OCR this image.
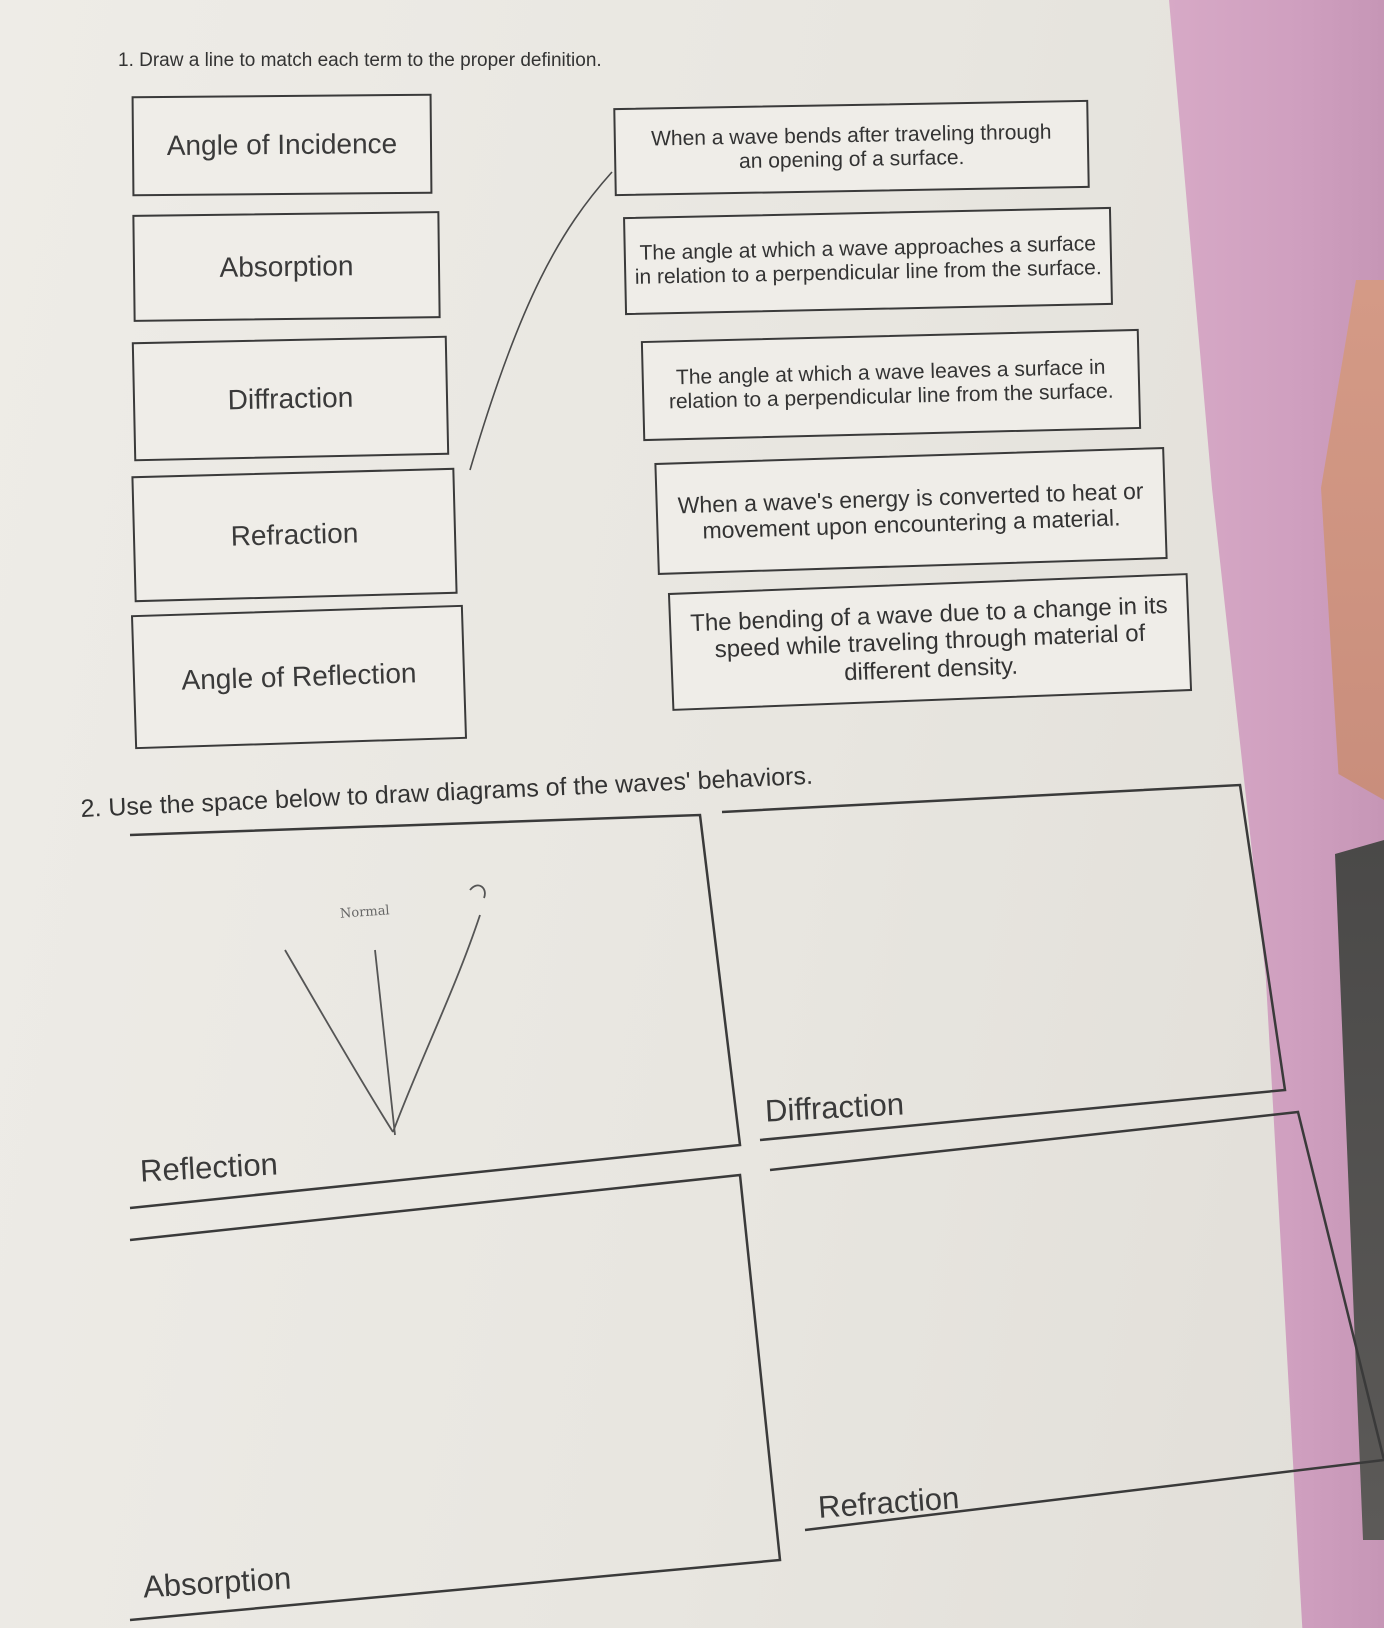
1. Draw a line to match each term to the proper definition.
Angle of Incidence
Absorption
Diffraction
Refraction
Angle of Reflection
When a wave bends after traveling through an opening of a surface.
The angle at which a wave approaches a surface in relation to a perpendicular line from the surface.
The angle at which a wave leaves a surface in relation to a perpendicular line from the surface.
When a wave's energy is converted to heat or movement upon encountering a material.
The bending of a wave due to a change in its speed while traveling through material of different density.
2. Use the space below to draw diagrams of the waves' behaviors.
Normal
Reflection
Diffraction
Absorption
Refraction
